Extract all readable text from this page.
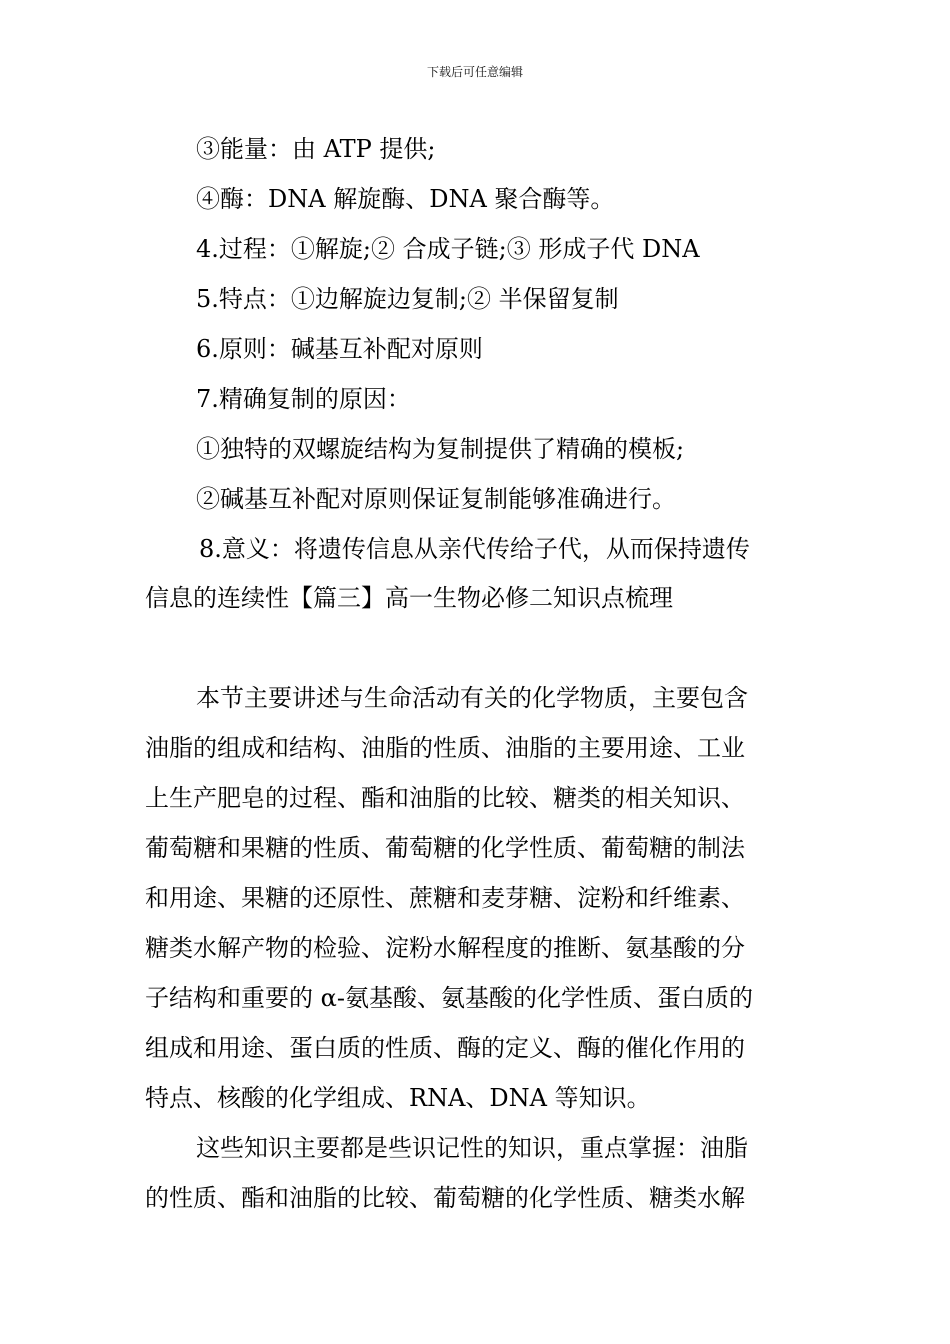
下载后可任意编辑
③能量：由 ATP 提供;
④酶：DNA 解旋酶、DNA 聚合酶等。
4.过程：①解旋;② 合成子链;③ 形成子代 DNA
5.特点：①边解旋边复制;② 半保留复制
6.原则：碱基互补配对原则
7.精确复制的原因：
①独特的双螺旋结构为复制提供了精确的模板;
②碱基互补配对原则保证复制能够准确进行。
8.意义：将遗传信息从亲代传给子代，从而保持遗传
信息的连续性【篇三】高一生物必修二知识点梳理
本节主要讲述与生命活动有关的化学物质，主要包含
油脂的组成和结构、油脂的性质、油脂的主要用途、工业
上生产肥皂的过程、酯和油脂的比较、糖类的相关知识、
葡萄糖和果糖的性质、葡萄糖的化学性质、葡萄糖的制法
和用途、果糖的还原性、蔗糖和麦芽糖、淀粉和纤维素、
糖类水解产物的检验、淀粉水解程度的推断、氨基酸的分
子结构和重要的 α-氨基酸、氨基酸的化学性质、蛋白质的
组成和用途、蛋白质的性质、酶的定义、酶的催化作用的
特点、核酸的化学组成、RNA、DNA 等知识。
这些知识主要都是些识记性的知识，重点掌握：油脂
的性质、酯和油脂的比较、葡萄糖的化学性质、糖类水解
